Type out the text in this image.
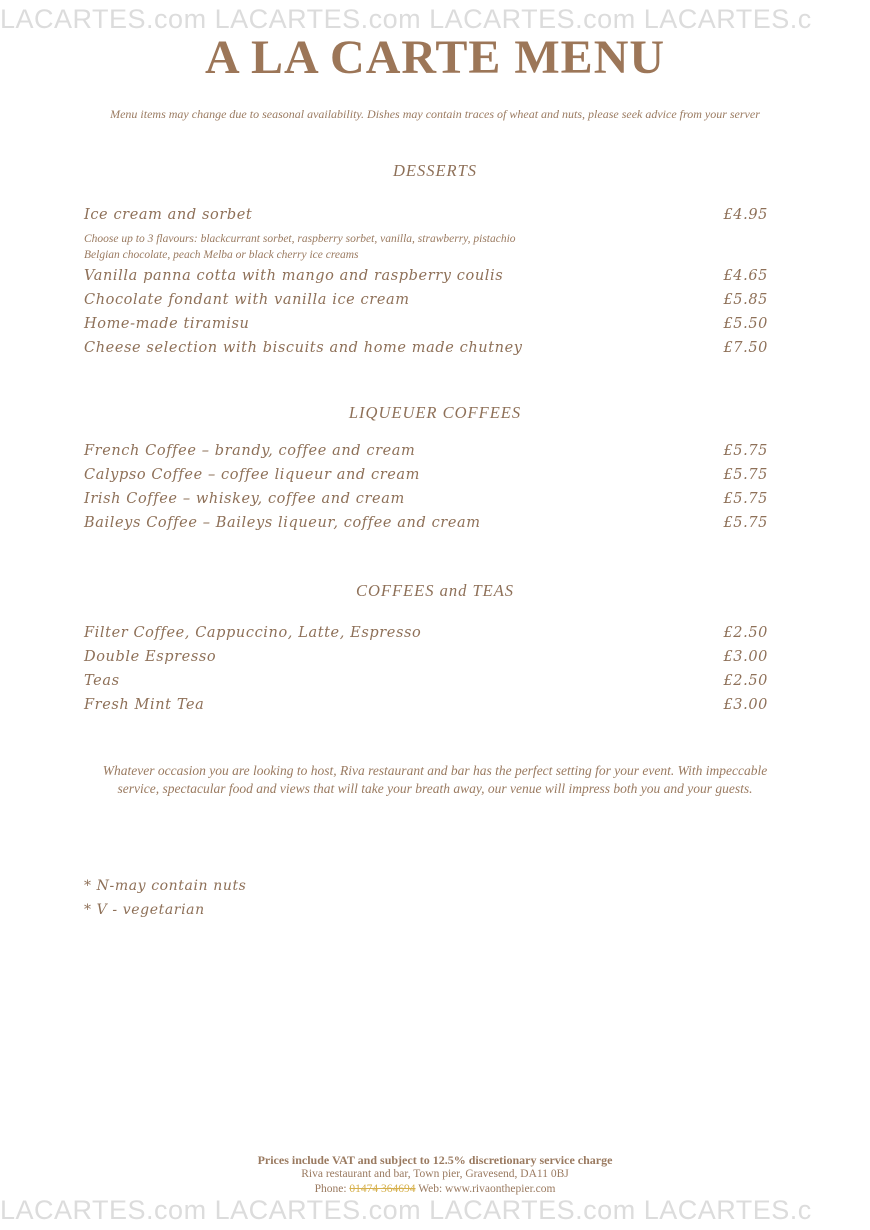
LACARTES.com LACARTES.com LACARTES.com LACARTES.c
A LA CARTE MENU
Menu items may change due to seasonal availability. Dishes may contain traces of wheat and nuts, please seek advice from your server
DESSERTS
Ice cream and sorbet	£4.95
Choose up to 3 flavours: blackcurrant sorbet, raspberry sorbet, vanilla, strawberry, pistachio
Belgian chocolate, peach Melba or black cherry ice creams
Vanilla panna cotta with mango and raspberry coulis	£4.65
Chocolate fondant with vanilla ice cream	£5.85
Home-made tiramisu	£5.50
Cheese selection with biscuits and home made chutney	£7.50
LIQUEUER COFFEES
French Coffee – brandy, coffee and cream	£5.75
Calypso Coffee – coffee liqueur and cream	£5.75
Irish Coffee – whiskey, coffee and cream	£5.75
Baileys Coffee – Baileys liqueur, coffee and cream	£5.75
COFFEES and TEAS
Filter Coffee, Cappuccino, Latte, Espresso	£2.50
Double Espresso	£3.00
Teas	£2.50
Fresh Mint Tea	£3.00
Whatever occasion you are looking to host, Riva restaurant and bar has the perfect setting for your event. With impeccable service, spectacular food and views that will take your breath away, our venue will impress both you and your guests.
* N-may contain nuts
* V - vegetarian
Prices include VAT and subject to 12.5% discretionary service charge
Riva restaurant and bar, Town pier, Gravesend, DA11 0BJ
Phone: 01474 364694 Web: www.rivaonthepier.com
LACARTES.com LACARTES.com LACARTES.com LACARTES.c
